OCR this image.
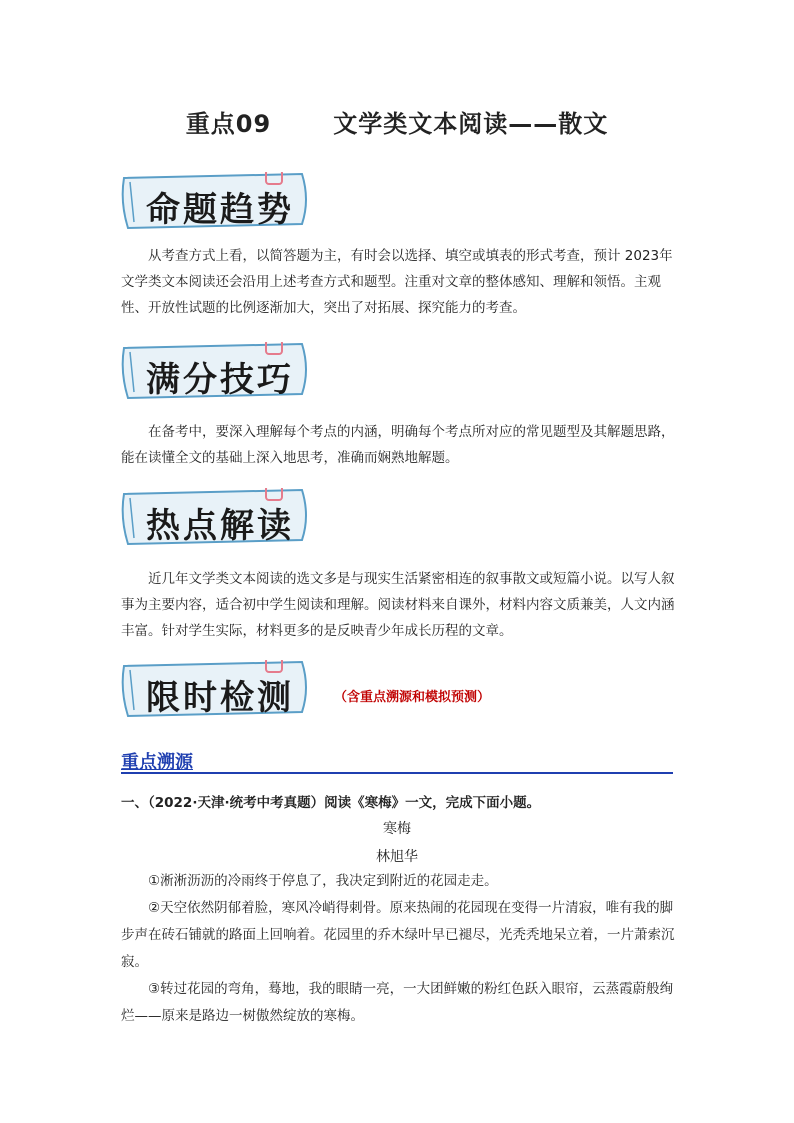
重点09	文学类文本阅读——散文
命题趋势
从考查方式上看，以简答题为主，有时会以选择、填空或填表的形式考查，预计 2023年文学类文本阅读还会沿用上述考查方式和题型。注重对文章的整体感知、理解和领悟。主观性、开放性试题的比例逐渐加大，突出了对拓展、探究能力的考查。
满分技巧
在备考中，要深入理解每个考点的内涵，明确每个考点所对应的常见题型及其解题思路，能在读懂全文的基础上深入地思考，准确而娴熟地解题。
热点解读
近几年文学类文本阅读的选文多是与现实生活紧密相连的叙事散文或短篇小说。以写人叙事为主要内容，适合初中学生阅读和理解。阅读材料来自课外，材料内容文质兼美，人文内涵丰富。针对学生实际，材料更多的是反映青少年成长历程的文章。
限时检测	（含重点溯源和模拟预测）
重点溯源
一、（2022·天津·统考中考真题）阅读《寒梅》一文，完成下面小题。
寒梅
林旭华
①淅淅沥沥的冷雨终于停息了，我决定到附近的花园走走。
②天空依然阴郁着脸，寒风冷峭得刺骨。原来热闹的花园现在变得一片清寂，唯有我的脚步声在砖石铺就的路面上回响着。花园里的乔木绿叶早已褪尽，光秃秃地呆立着，一片萧索沉寂。
③转过花园的弯角，蓦地，我的眼睛一亮，一大团鲜嫩的粉红色跃入眼帘，云蒸霞蔚般绚烂——原来是路边一树傲然绽放的寒梅。
